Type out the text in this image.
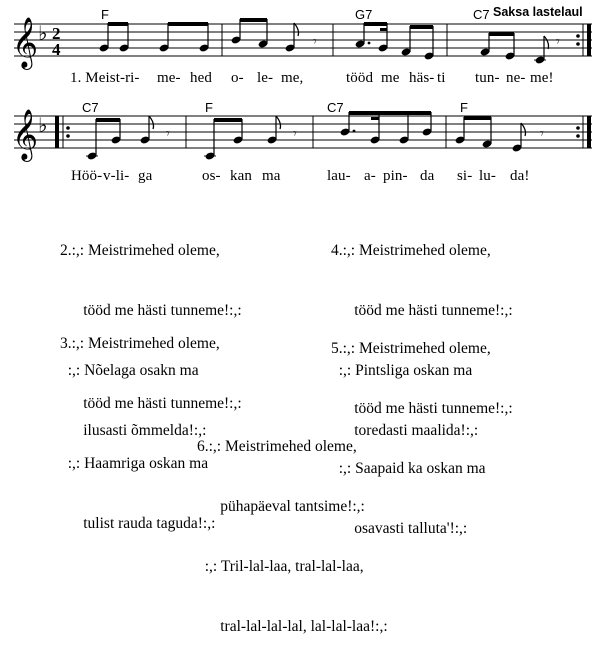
𝄞 ♭ 2
4	𝄾	𝄾
𝄞 ♭	𝄾	𝄾	𝄾
Saksa lastelaul
F	G7	C7
C7	F	C7	F
1. Meist-ri- me- hed o- le- me,	tööd me häs- ti tun- ne- me!
Höö- v-li- ga	os- kan ma	lau- a- pin- da si- lu- da!

2.:,: Meistrimehed oleme,

tööd me hästi tunneme!:,:

:,: Nõelaga osakn ma

ilusasti õmmelda!:,:

4.:,: Meistrimehed oleme,

tööd me hästi tunneme!:,:

:,: Pintsliga oskan ma

toredasti maalida!:,:

3.:,: Meistrimehed oleme,

tööd me hästi tunneme!:,:

:,: Haamriga oskan ma

tulist rauda taguda!:,:

5.:,: Meistrimehed oleme,

tööd me hästi tunneme!:,:

:,: Saapaid ka oskan ma

osavasti talluta'!:,:

6.:,: Meistrimehed oleme,

pühapäeval tantsime!:,:

:,: Tril-lal-laa, tral-lal-laa,

tral-lal-lal-lal, lal-lal-laa!:,:
